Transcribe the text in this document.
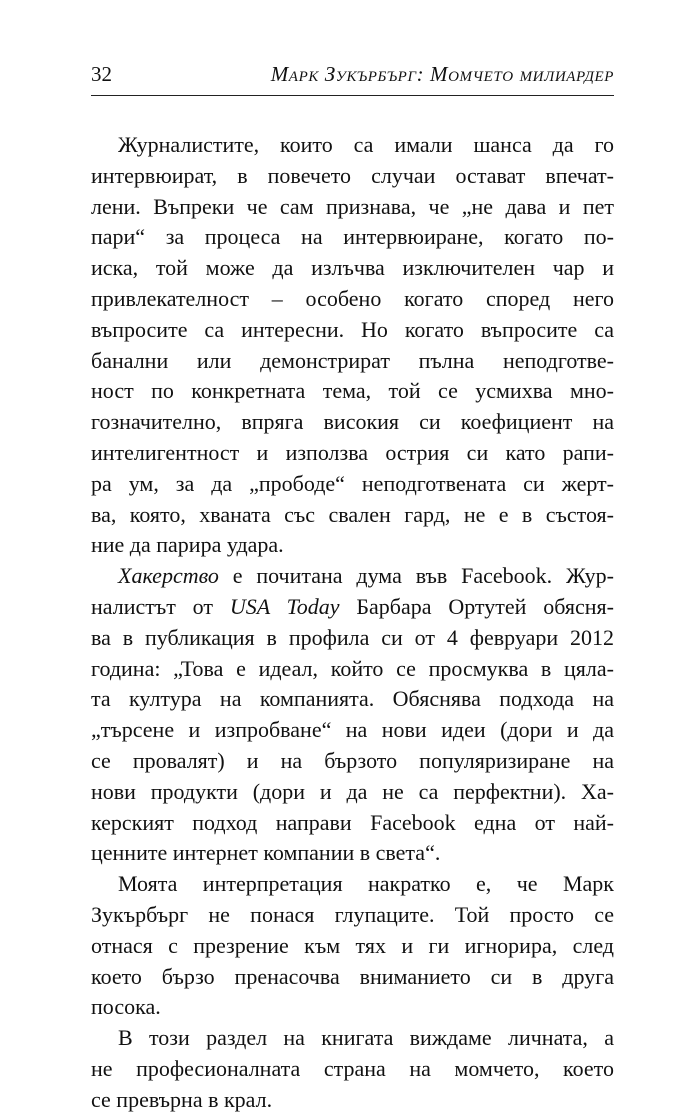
32	Марк Зукърбърг: Момчето милиардер
Журналистите, които са имали шанса да го
интервюират, в повечето случаи остават впечат-
лени. Въпреки че сам признава, че „не дава и пет
пари“ за процеса на интервюиране, когато по-
иска, той може да излъчва изключителен чар и
привлекателност – особено когато според него
въпросите са интересни. Но когато въпросите са
банални или демонстрират пълна неподготве-
ност по конкретната тема, той се усмихва мно-
гозначително, впряга високия си коефициент на
интелигентност и използва острия си като рапи-
ра ум, за да „прободе“ неподготвената си жерт-
ва, която, хваната със свален гард, не е в състоя-
ние да парира удара.
Хакерство е почитана дума във Facebook. Жур-
налистът от USA Today Барбара Ортутей обясня-
ва в публикация в профила си от 4 февруари 2012
година: „Това е идеал, който се просмуква в цяла-
та култура на компанията. Обяснява подхода на
„търсене и изпробване“ на нови идеи (дори и да
се провалят) и на бързото популяризиране на
нови продукти (дори и да не са перфектни). Ха-
керският подход направи Facebook една от най-
ценните интернет компании в света“.
Моята интерпретация накратко е, че Марк
Зукърбърг не понася глупаците. Той просто се
отнася с презрение към тях и ги игнорира, след
което бързо пренасочва вниманието си в друга
посока.
В този раздел на книгата виждаме личната, а
не професионалната страна на момчето, което
се превърна в крал.
